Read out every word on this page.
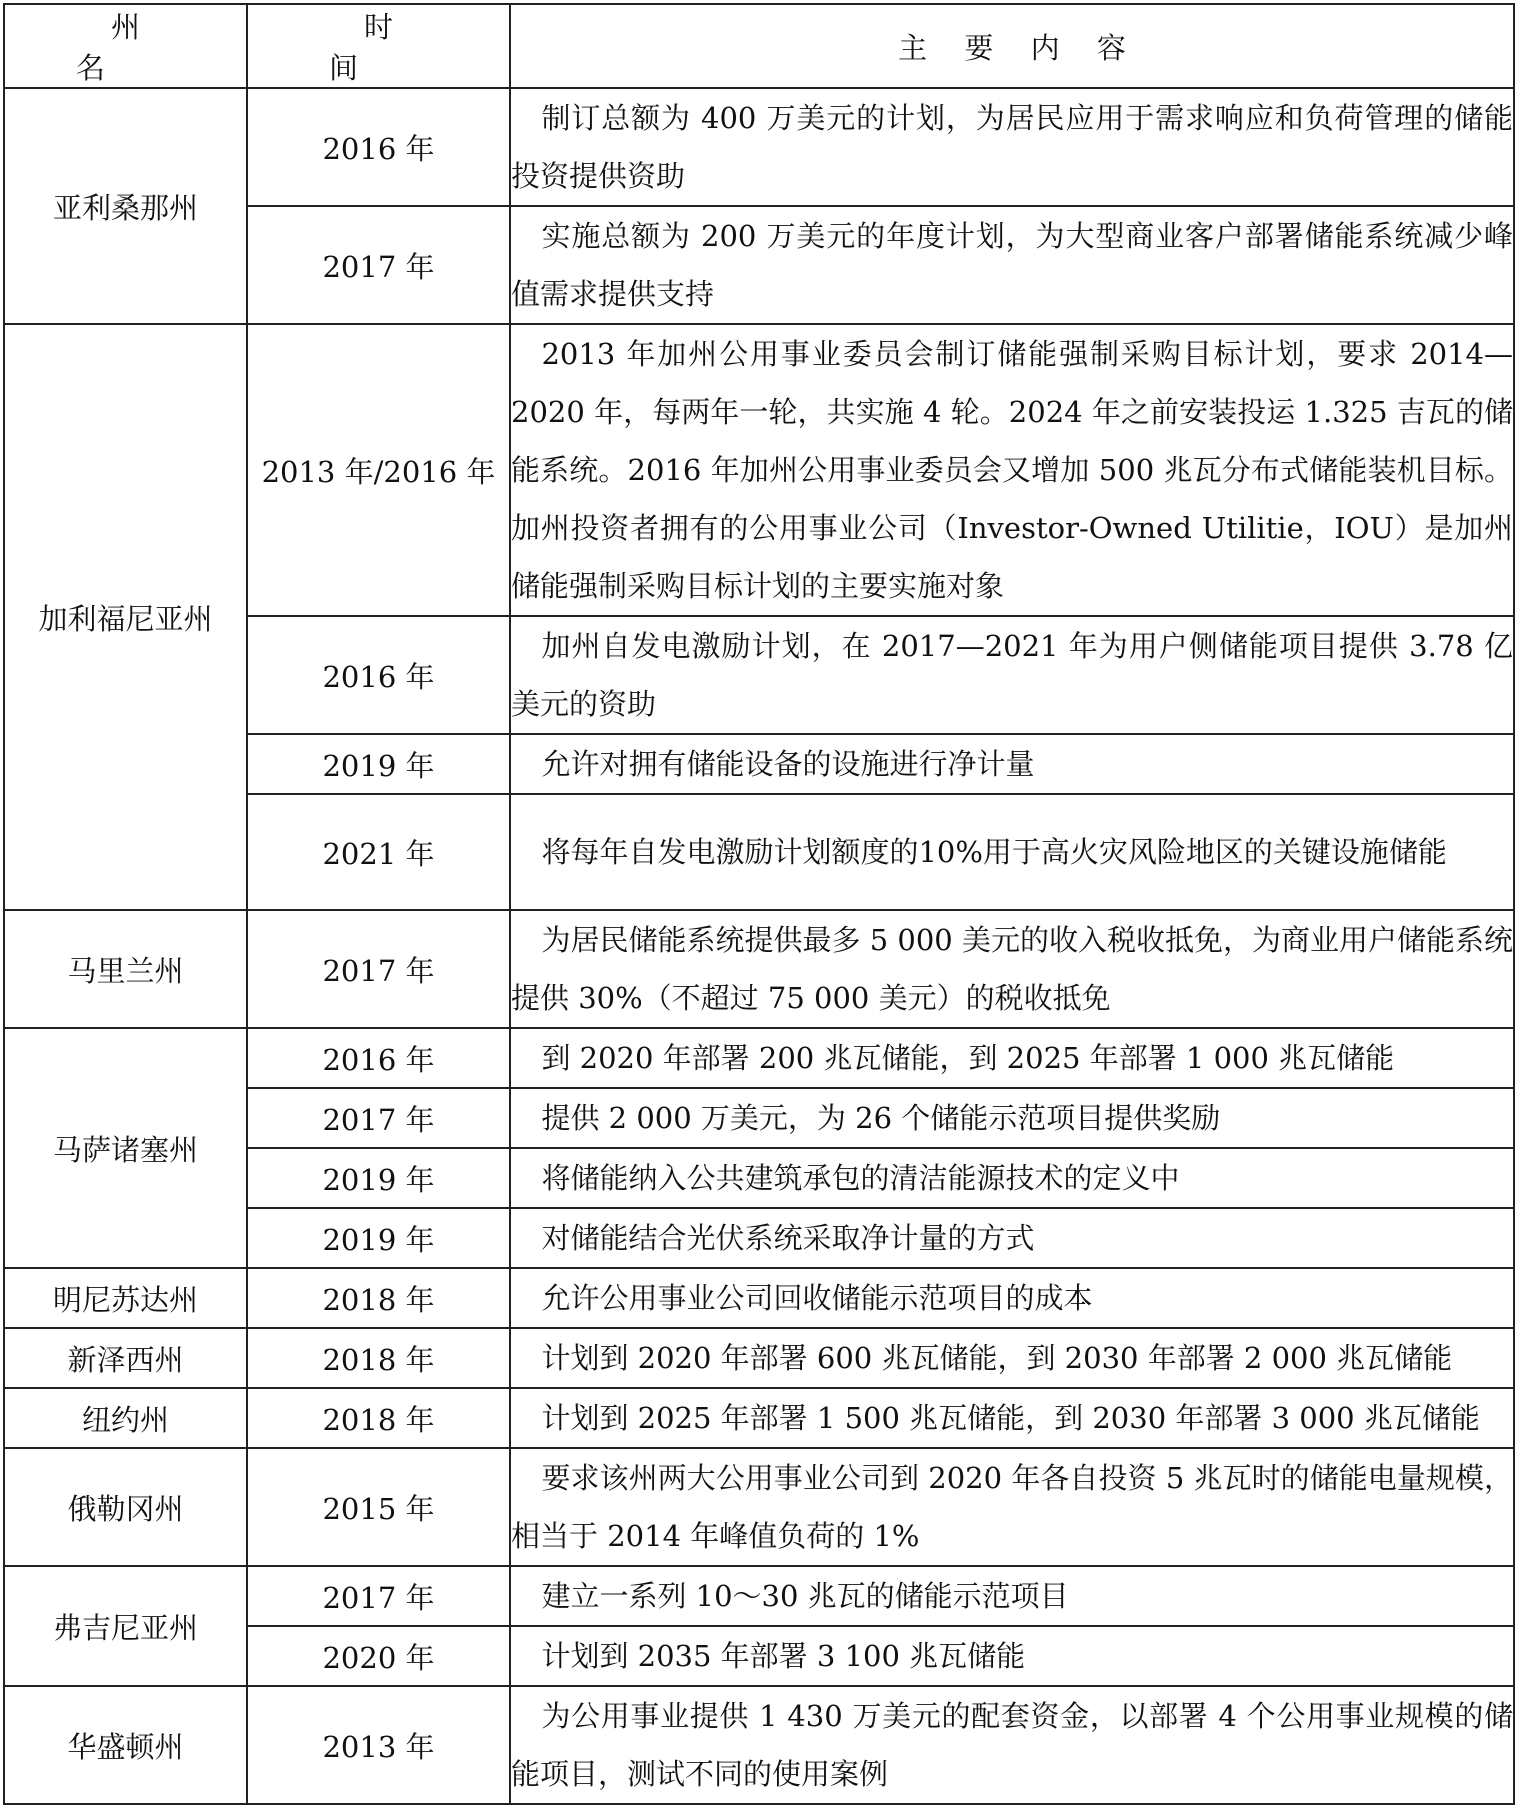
州 名	时 间	主 要 内 容
亚利桑那州	2016 年	制订总额为 400 万美元的计划，为居民应用于需求响应和负荷管理的储能投资提供资助
	2017 年	实施总额为 200 万美元的年度计划，为大型商业客户部署储能系统减少峰值需求提供支持
加利福尼亚州	2013 年/2016 年	2013 年加州公用事业委员会制订储能强制采购目标计划，要求 2014—2020 年，每两年一轮，共实施 4 轮。2024 年之前安装投运 1.325 吉瓦的储能系统。2016 年加州公用事业委员会又增加 500 兆瓦分布式储能装机目标。加州投资者拥有的公用事业公司（Investor-Owned Utilitie，IOU）是加州储能强制采购目标计划的主要实施对象
	2016 年	加州自发电激励计划，在 2017—2021 年为用户侧储能项目提供 3.78 亿美元的资助
	2019 年	允许对拥有储能设备的设施进行净计量
	2021 年	将每年自发电激励计划额度的10%用于高火灾风险地区的关键设施储能
马里兰州	2017 年	为居民储能系统提供最多 5 000 美元的收入税收抵免，为商业用户储能系统提供 30%（不超过 75 000 美元）的税收抵免
马萨诸塞州	2016 年	到 2020 年部署 200 兆瓦储能，到 2025 年部署 1 000 兆瓦储能
	2017 年	提供 2 000 万美元，为 26 个储能示范项目提供奖励
	2019 年	将储能纳入公共建筑承包的清洁能源技术的定义中
	2019 年	对储能结合光伏系统采取净计量的方式
明尼苏达州	2018 年	允许公用事业公司回收储能示范项目的成本
新泽西州	2018 年	计划到 2020 年部署 600 兆瓦储能，到 2030 年部署 2 000 兆瓦储能
纽约州	2018 年	计划到 2025 年部署 1 500 兆瓦储能，到 2030 年部署 3 000 兆瓦储能
俄勒冈州	2015 年	要求该州两大公用事业公司到 2020 年各自投资 5 兆瓦时的储能电量规模，相当于 2014 年峰值负荷的 1%
弗吉尼亚州	2017 年	建立一系列 10～30 兆瓦的储能示范项目
	2020 年	计划到 2035 年部署 3 100 兆瓦储能
华盛顿州	2013 年	为公用事业提供 1 430 万美元的配套资金，以部署 4 个公用事业规模的储能项目，测试不同的使用案例
